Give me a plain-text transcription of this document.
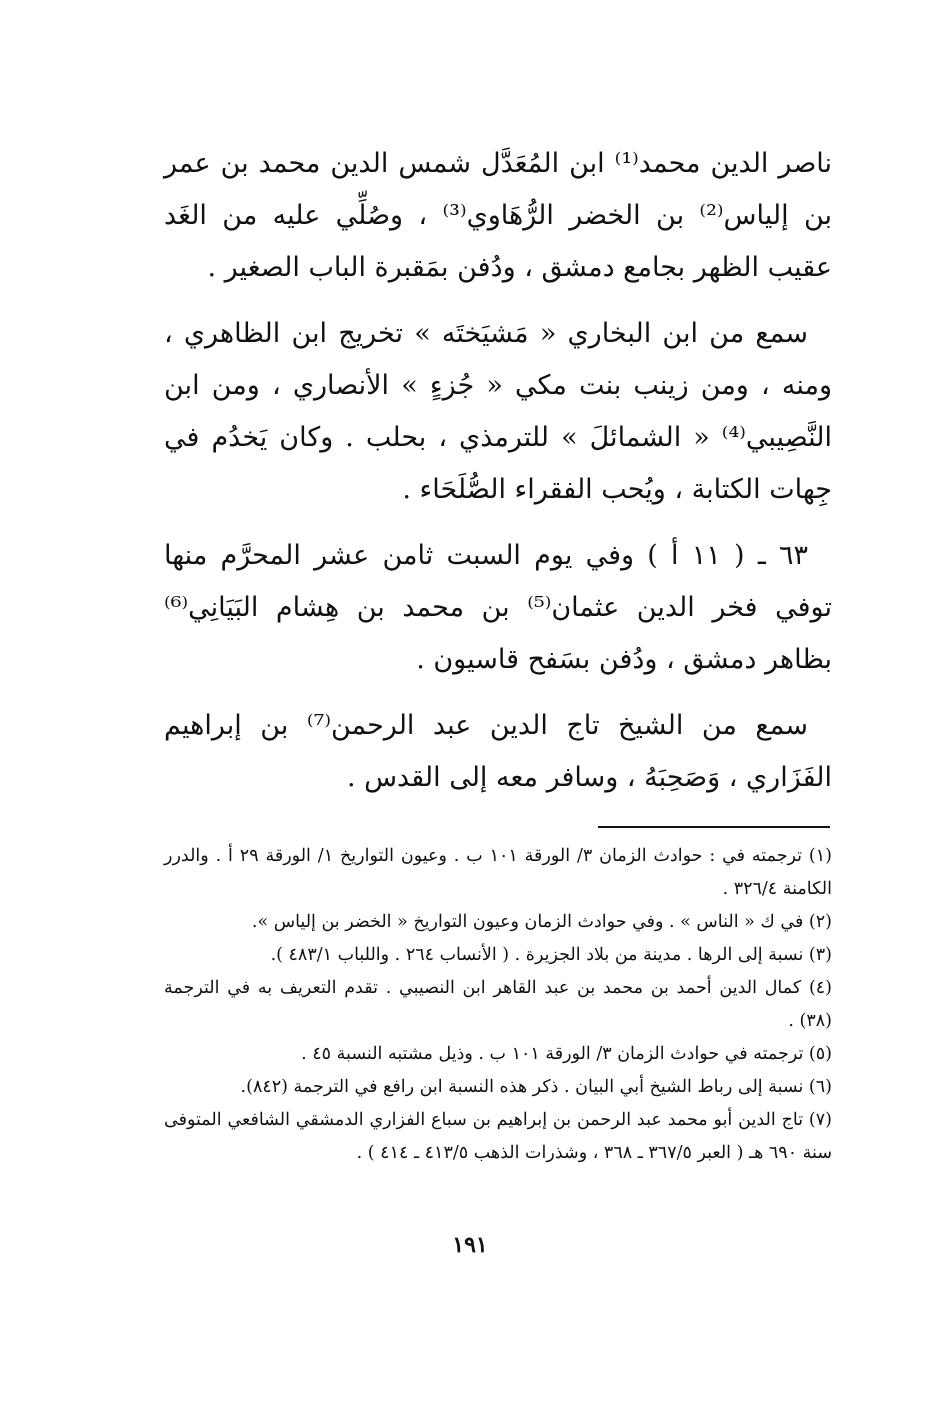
ناصر الدين محمد⁽¹⁾ ابن المُعَدَّل شمس الدين محمد بن عمر بن إلياس⁽²⁾ بن الخضر الرُّهَاوي⁽³⁾ ، وصُلِّي عليه من الغَد عقيب الظهر بجامع دمشق ، ودُفن بمَقبرة الباب الصغير .

سمع من ابن البخاري « مَشيَختَه » تخريج ابن الظاهري ، ومنه ، ومن زينب بنت مكي « جُزءٍ » الأنصاري ، ومن ابن النَّصِيبي⁽⁴⁾ « الشمائلَ » للترمذي ، بحلب . وكان يَخدُم في جِهات الكتابة ، ويُحب الفقراء الصُّلَحَاء .

٦٣ ـ ( ١١ أ ) وفي يوم السبت ثامن عشر المحرَّم منها توفي فخر الدين عثمان⁽⁵⁾ بن محمد بن هِشام البَيَانِي⁽⁶⁾ بظاهر دمشق ، ودُفن بسَفح قاسيون .

سمع من الشيخ تاج الدين عبد الرحمن⁽⁷⁾ بن إبراهيم الفَزَاري ، وَصَحِبَهُ ، وسافر معه إلى القدس .

(١) ترجمته في : حوادث الزمان ٣/ الورقة ١٠١ ب . وعيون التواريخ ١/ الورقة ٢٩ أ . والدرر الكامنة ٣٢٦/٤ .

(٢) في ك « الناس » . وفي حوادث الزمان وعيون التواريخ « الخضر بن إلياس ».

(٣) نسبة إلى الرها . مدينة من بلاد الجزيرة . ( الأنساب ٢٦٤ . واللباب ٤٨٣/١ ).

(٤) كمال الدين أحمد بن محمد بن عبد القاهر ابن النصيبي . تقدم التعريف به في الترجمة (٣٨) .

(٥) ترجمته في حوادث الزمان ٣/ الورقة ١٠١ ب . وذيل مشتبه النسبة ٤٥ .

(٦) نسبة إلى رباط الشيخ أبي البيان . ذكر هذه النسبة ابن رافع في الترجمة (٨٤٢).

(٧) تاج الدين أبو محمد عبد الرحمن بن إبراهيم بن سباع الفزاري الدمشقي الشافعي المتوفى سنة ٦٩٠ هـ ( العبر ٣٦٧/٥ ـ ٣٦٨ ، وشذرات الذهب ٤١٣/٥ ـ ٤١٤ ) .

١٩١
